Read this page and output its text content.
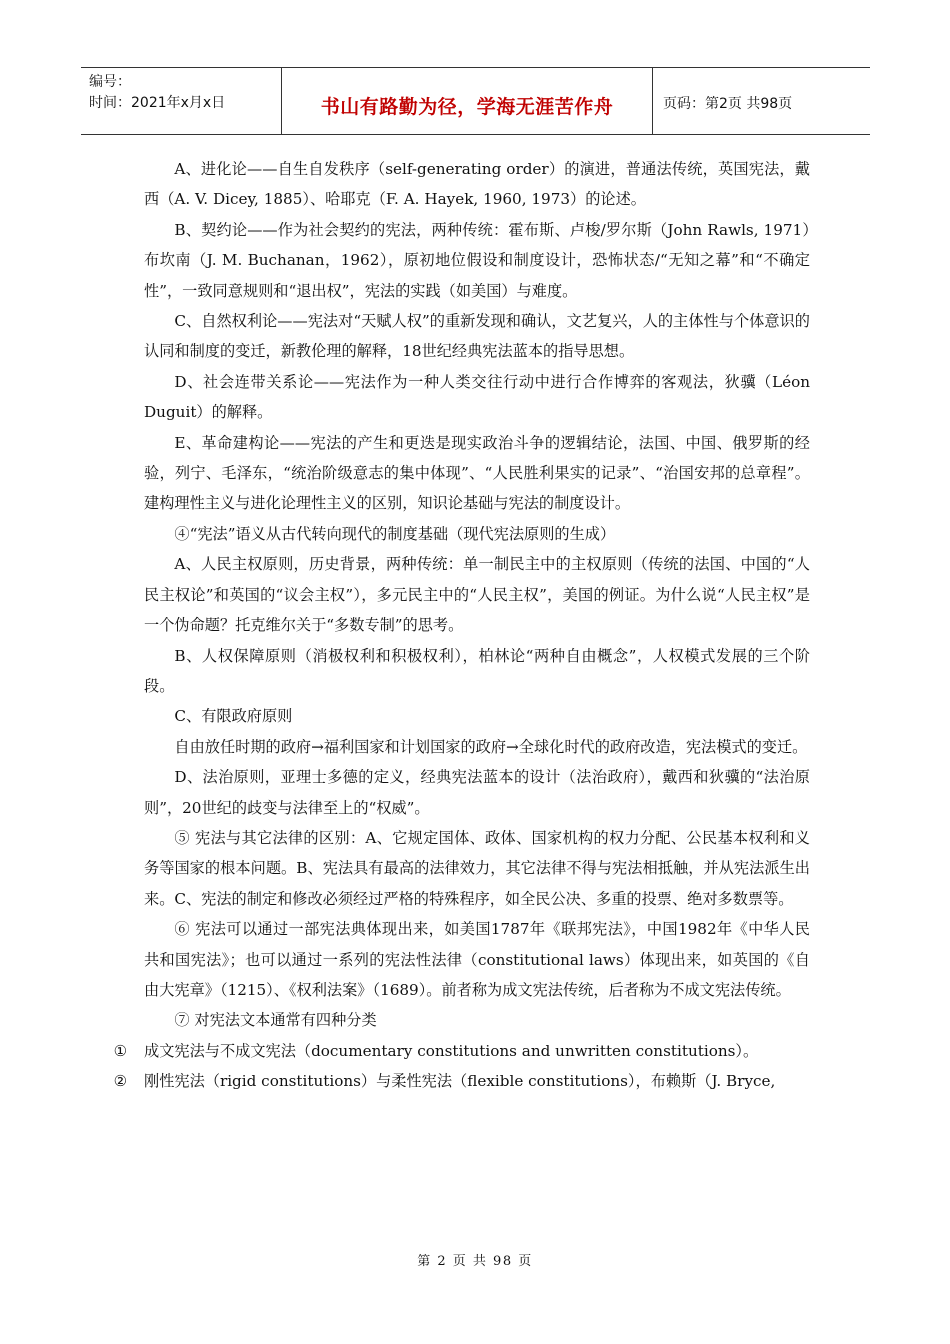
编号：
时间：2021年x月x日	书山有路勤为径，学海无涯苦作舟	页码：第2页 共98页

A、进化论——自生自发秩序（self-generating order）的演进，普通法传统，英国宪法，戴西（A. V. Dicey, 1885）、哈耶克（F. A. Hayek, 1960, 1973）的论述。

B、契约论——作为社会契约的宪法，两种传统：霍布斯、卢梭/罗尔斯（John Rawls, 1971）布坎南（J. M. Buchanan，1962），原初地位假设和制度设计，恐怖状态/“无知之幕”和“不确定性”，一致同意规则和“退出权”，宪法的实践（如美国）与难度。

C、自然权利论——宪法对“天赋人权”的重新发现和确认，文艺复兴，人的主体性与个体意识的认同和制度的变迁，新教伦理的解释，18世纪经典宪法蓝本的指导思想。

D、社会连带关系论——宪法作为一种人类交往行动中进行合作博弈的客观法，狄骥（Léon Duguit）的解释。

E、革命建构论——宪法的产生和更迭是现实政治斗争的逻辑结论，法国、中国、俄罗斯的经验，列宁、毛泽东，“统治阶级意志的集中体现”、“人民胜利果实的记录”、“治国安邦的总章程”。建构理性主义与进化论理性主义的区别，知识论基础与宪法的制度设计。

④“宪法”语义从古代转向现代的制度基础（现代宪法原则的生成）

A、人民主权原则，历史背景，两种传统：单一制民主中的主权原则（传统的法国、中国的“人民主权论”和英国的“议会主权”），多元民主中的“人民主权”，美国的例证。为什么说“人民主权”是一个伪命题？托克维尔关于“多数专制”的思考。

B、人权保障原则（消极权利和积极权利），柏林论“两种自由概念”，人权模式发展的三个阶段。

C、有限政府原则

自由放任时期的政府→福利国家和计划国家的政府→全球化时代的政府改造，宪法模式的变迁。

D、法治原则，亚理士多德的定义，经典宪法蓝本的设计（法治政府），戴西和狄骥的“法治原则”，20世纪的歧变与法律至上的“权威”。

⑤ 宪法与其它法律的区别：A、它规定国体、政体、国家机构的权力分配、公民基本权利和义务等国家的根本问题。B、宪法具有最高的法律效力，其它法律不得与宪法相抵触，并从宪法派生出来。C、宪法的制定和修改必须经过严格的特殊程序，如全民公决、多重的投票、绝对多数票等。

⑥ 宪法可以通过一部宪法典体现出来，如美国1787年《联邦宪法》，中国1982年《中华人民共和国宪法》；也可以通过一系列的宪法性法律（constitutional laws）体现出来，如英国的《自由大宪章》（1215）、《权利法案》（1689）。前者称为成文宪法传统，后者称为不成文宪法传统。

⑦ 对宪法文本通常有四种分类

①	成文宪法与不成文宪法（documentary constitutions and unwritten constitutions）。

②	刚性宪法（rigid constitutions）与柔性宪法（flexible constitutions），布赖斯（J. Bryce,

第 2 页 共 98 页
